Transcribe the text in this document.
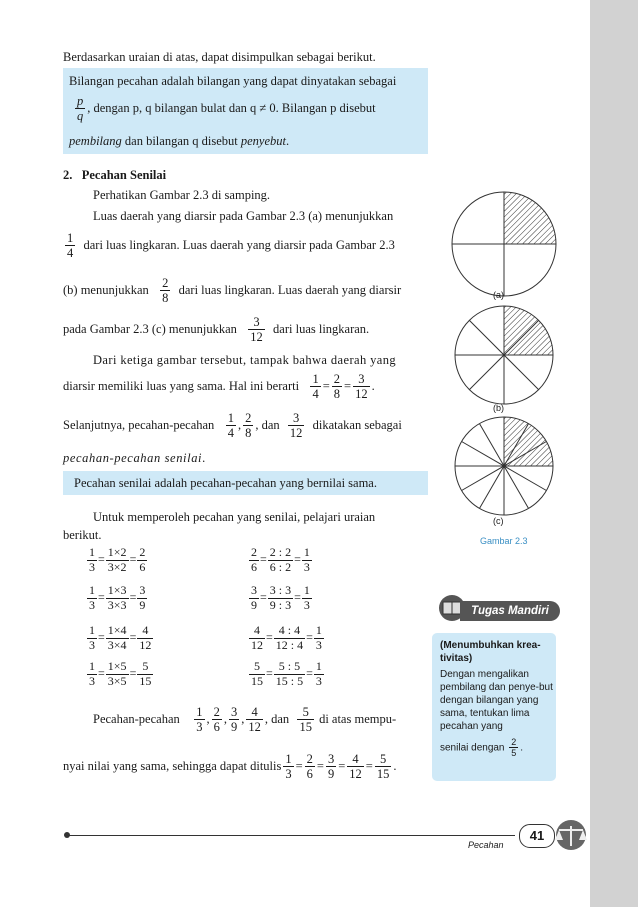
Berdasarkan uraian di atas, dapat disimpulkan sebagai berikut.
Bilangan pecahan adalah bilangan yang dapat dinyatakan sebagai
$\frac{p}{q}$ , dengan p, q bilangan bulat dan q ≠ 0. Bilangan p disebut
pembilang dan bilangan q disebut penyebut.
2. Pecahan Senilai
Perhatikan Gambar 2.3 di samping.
Luas daerah yang diarsir pada Gambar 2.3 (a) menunjukkan
$\frac{1}{4}$ dari luas lingkaran. Luas daerah yang diarsir pada Gambar 2.3
(b) menunjukkan $\frac{2}{8}$ dari luas lingkaran. Luas daerah yang diarsir
pada Gambar 2.3 (c) menunjukkan $\frac{3}{12}$ dari luas lingkaran.
Dari ketiga gambar tersebut, tampak bahwa daerah yang
diarsir memiliki luas yang sama. Hal ini berarti $\frac{1}{4} = \frac{2}{8} = \frac{3}{12}$ .
Selanjutnya, pecahan-pecahan $\frac{1}{4}$ , $\frac{2}{8}$ , dan $\frac{3}{12}$ dikatakan sebagai
pecahan-pecahan senilai.
Pecahan senilai adalah pecahan-pecahan yang bernilai sama.
Untuk memperoleh pecahan yang senilai, pelajari uraian
berikut.
$\frac{1}{3} = \frac{1\times 2}{3\times 2} = \frac{2}{6}$
$\frac{1}{3} = \frac{1\times 3}{3\times 3} = \frac{3}{9}$
$\frac{1}{3} = \frac{1\times 4}{3\times 4} = \frac{4}{12}$
$\frac{1}{3} = \frac{1\times 5}{3\times 5} = \frac{5}{15}$
$\frac{2}{6} = \frac{2 : 2}{6 : 2} = \frac{1}{3}$
$\frac{3}{9} = \frac{3 : 3}{9 : 3} = \frac{1}{3}$
$\frac{4}{12} = \frac{4 : 4}{12 : 4} = \frac{1}{3}$
$\frac{5}{15} = \frac{5 : 5}{15 : 5} = \frac{1}{3}$
Pecahan-pecahan $\frac{1}{3}$ , $\frac{2}{6}$ , $\frac{3}{9}$ , $\frac{4}{12}$ , dan $\frac{5}{15}$ di atas mempu-
nyai nilai yang sama, sehingga dapat ditulis $\frac{1}{3} = \frac{2}{6} = \frac{3}{9} = \frac{4}{12} = \frac{5}{15}$ .
(a)
(b)
(c)
Gambar 2.3
Tugas Mandiri
(Menumbuhkan krea-tivitas)
Dengan mengalikan pembilang dan penye-but dengan bilangan yang sama, tentukan lima pecahan yang
senilai dengan $\frac{2}{5}$ .
Pecahan
41
